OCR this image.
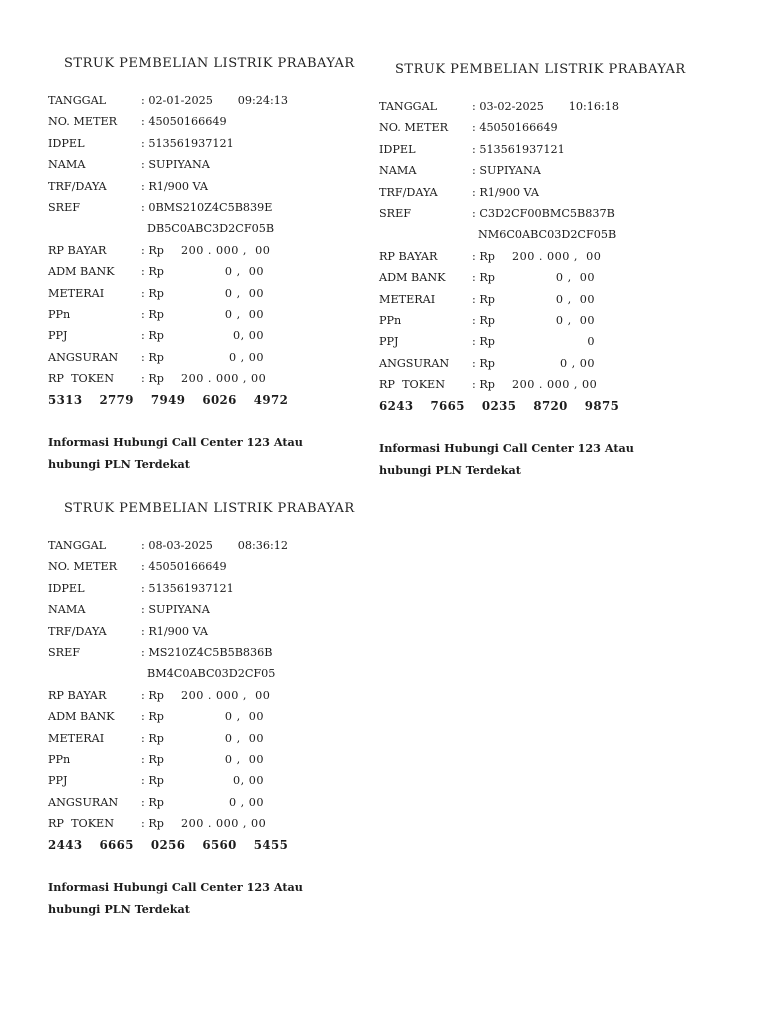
STRUK PEMBELIAN LISTRIK PRABAYAR
TANGGAL	: 02-01-2025       09:24:13
NO. METER	: 45050166649
IDPEL	: 513561937121
NAMA	: SUPIYANA
TRF/DAYA	: R1/900 VA
SREF	: 0BMS210Z4C5B839E
DB5C0ABC3D2CF05B
RP BAYAR	: Rp	200 . 000 ,  00
ADM BANK	: Rp	0 ,  00
METERAI	: Rp	0 ,  00
PPn	: Rp	0 ,  00
PPJ	: Rp	0, 00
ANGSURAN	: Rp	0 , 00
RP  TOKEN	: Rp	200 . 000 , 00
5313  2779  7949  6026  4972
Informasi Hubungi Call Center 123 Atau hubungi PLN Terdekat
STRUK PEMBELIAN LISTRIK PRABAYAR
TANGGAL	: 03-02-2025       10:16:18
NO. METER	: 45050166649
IDPEL	: 513561937121
NAMA	: SUPIYANA
TRF/DAYA	: R1/900 VA
SREF	: C3D2CF00BMC5B837B
NM6C0ABC03D2CF05B
RP BAYAR	: Rp	200 . 000 ,  00
ADM BANK	: Rp	0 ,  00
METERAI	: Rp	0 ,  00
PPn	: Rp	0 ,  00
PPJ	: Rp	0
ANGSURAN	: Rp	0 , 00
RP  TOKEN	: Rp	200 . 000 , 00
6243  7665  0235  8720  9875
Informasi Hubungi Call Center 123 Atau hubungi PLN Terdekat
STRUK PEMBELIAN LISTRIK PRABAYAR
TANGGAL	: 08-03-2025       08:36:12
NO. METER	: 45050166649
IDPEL	: 513561937121
NAMA	: SUPIYANA
TRF/DAYA	: R1/900 VA
SREF	: MS210Z4C5B5B836B
BM4C0ABC03D2CF05
RP BAYAR	: Rp	200 . 000 ,  00
ADM BANK	: Rp	0 ,  00
METERAI	: Rp	0 ,  00
PPn	: Rp	0 ,  00
PPJ	: Rp	0, 00
ANGSURAN	: Rp	0 , 00
RP  TOKEN	: Rp	200 . 000 , 00
2443  6665  0256  6560  5455
Informasi Hubungi Call Center 123 Atau hubungi PLN Terdekat
